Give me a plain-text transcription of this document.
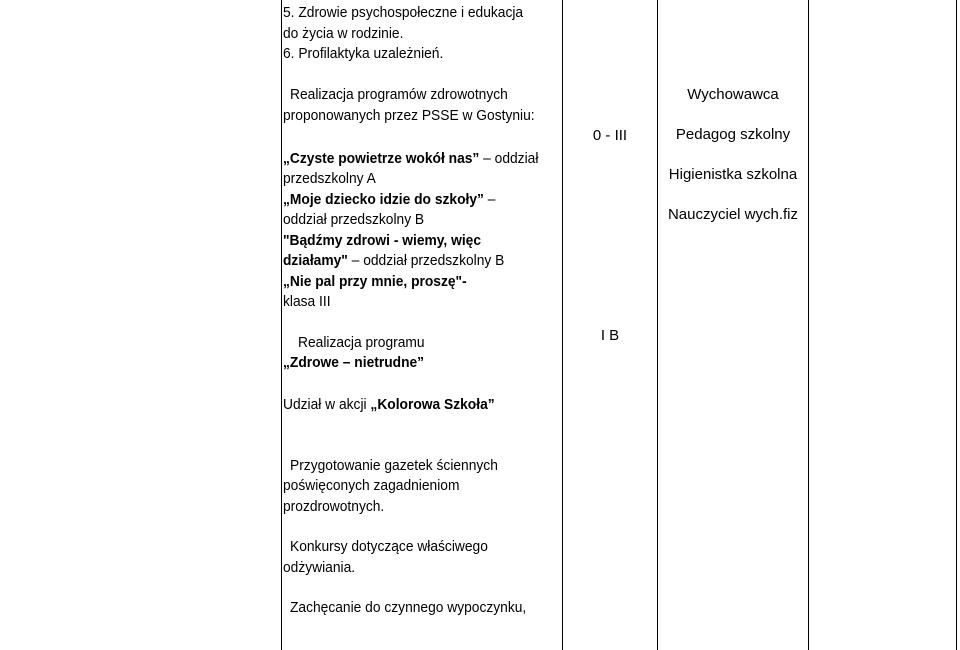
5. Zdrowie psychospołeczne i edukacja

do życia w rodzinie.

6. Profilaktyka uzależnień.

Realizacja programów zdrowotnych

proponowanych przez PSSE w Gostyniu:

„Czyste powietrze wokół nas” – oddział

przedszkolny A

„Moje dziecko idzie do szkoły” –

oddział przedszkolny B

"Bądźmy zdrowi - wiemy, więc

działamy" – oddział przedszkolny B

„Nie pal przy mnie, proszę"-

klasa III

Realizacja programu

„Zdrowe – nietrudne”

Udział w akcji „Kolorowa Szkoła”

Przygotowanie gazetek ściennych

poświęconych zagadnieniom

prozdrowotnych.

Konkursy dotyczące właściwego

odżywiania.

Zachęcanie do czynnego wypoczynku,

0 - III

I B

Wychowawca

Pedagog szkolny

Higienistka szkolna

Nauczyciel wych.fiz
